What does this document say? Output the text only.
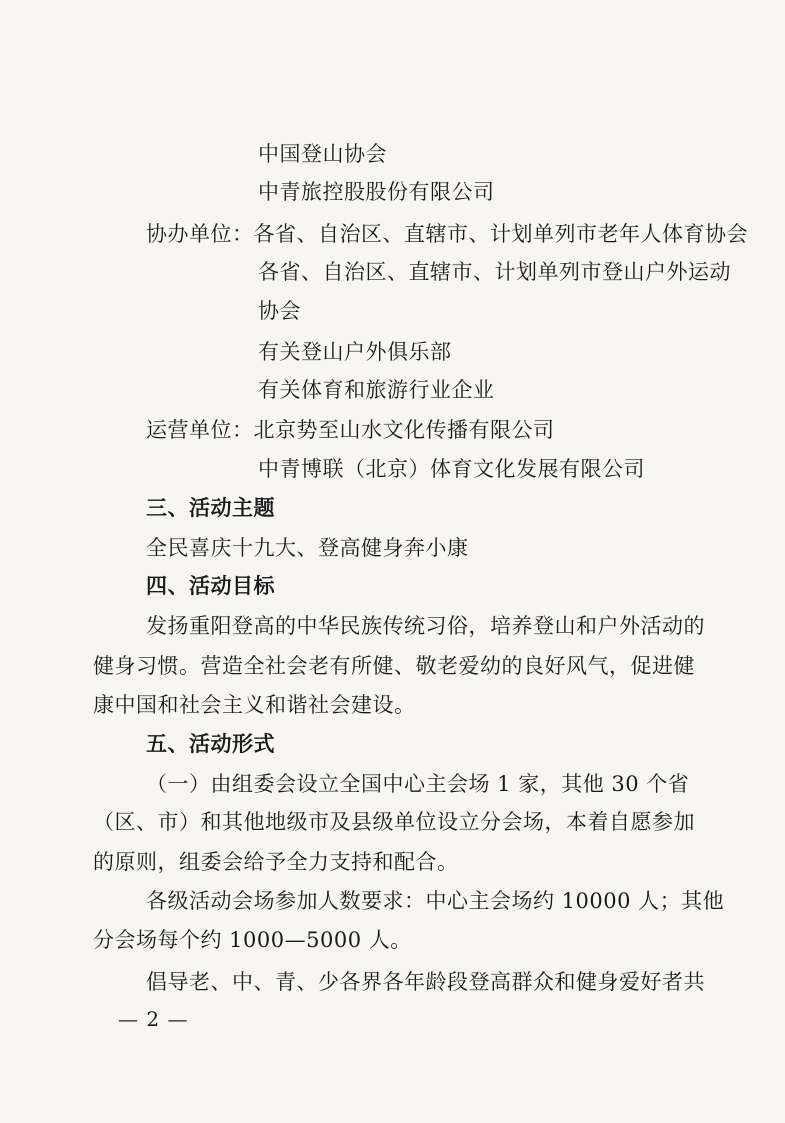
中国登山协会
中青旅控股股份有限公司
协办单位：各省、自治区、直辖市、计划单列市老年人体育协会
各省、自治区、直辖市、计划单列市登山户外运动
协会
有关登山户外俱乐部
有关体育和旅游行业企业
运营单位：北京势至山水文化传播有限公司
中青博联（北京）体育文化发展有限公司
三、活动主题
全民喜庆十九大、登高健身奔小康
四、活动目标
发扬重阳登高的中华民族传统习俗，培养登山和户外活动的
健身习惯。营造全社会老有所健、敬老爱幼的良好风气，促进健
康中国和社会主义和谐社会建设。
五、活动形式
（一）由组委会设立全国中心主会场 1 家，其他 30 个省
（区、市）和其他地级市及县级单位设立分会场，本着自愿参加
的原则，组委会给予全力支持和配合。
各级活动会场参加人数要求：中心主会场约 10000 人；其他
分会场每个约 1000—5000 人。
倡导老、中、青、少各界各年龄段登高群众和健身爱好者共
— 2 —
